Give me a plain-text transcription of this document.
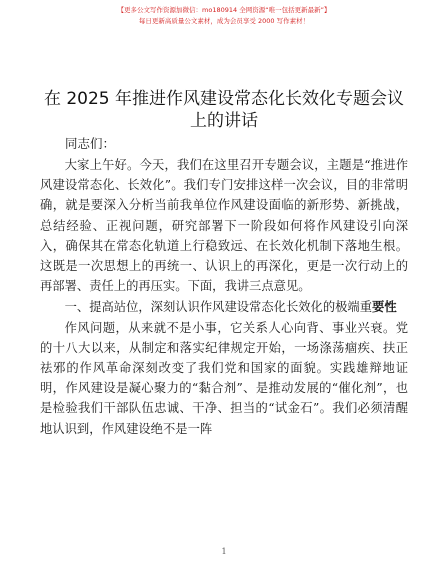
【更多公文写作资源加微信：mo180914 全网资源“唯一包括更新最新”】
每日更新高质量公文素材，成为会员享受 2000 写作素材！
在 2025 年推进作风建设常态化长效化专题会议上的讲话
同志们：

大家上午好。今天，我们在这里召开专题会议，主题是“推进作风建设常态化、长效化”。我们专门安排这样一次会议，目的非常明确，就是要深入分析当前我单位作风建设面临的新形势、新挑战，总结经验、正视问题，研究部署下一阶段如何将作风建设引向深入，确保其在常态化轨道上行稳致远、在长效化机制下落地生根。这既是一次思想上的再统一、认识上的再深化，更是一次行动上的再部署、责任上的再压实。下面，我讲三点意见。

一、提高站位，深刻认识作风建设常态化长效化的极端重要性

作风问题，从来就不是小事，它关系人心向背、事业兴衰。党的十八大以来，从制定和落实纪律规定开始，一场涤荡痼疾、扶正祛邪的作风革命深刻改变了我们党和国家的面貌。实践雄辩地证明，作风建设是凝心聚力的“黏合剂”、是推动发展的“催化剂”，也是检验我们干部队伍忠诚、干净、担当的“试金石”。我们必须清醒地认识到，作风建设绝不是一阵

1
